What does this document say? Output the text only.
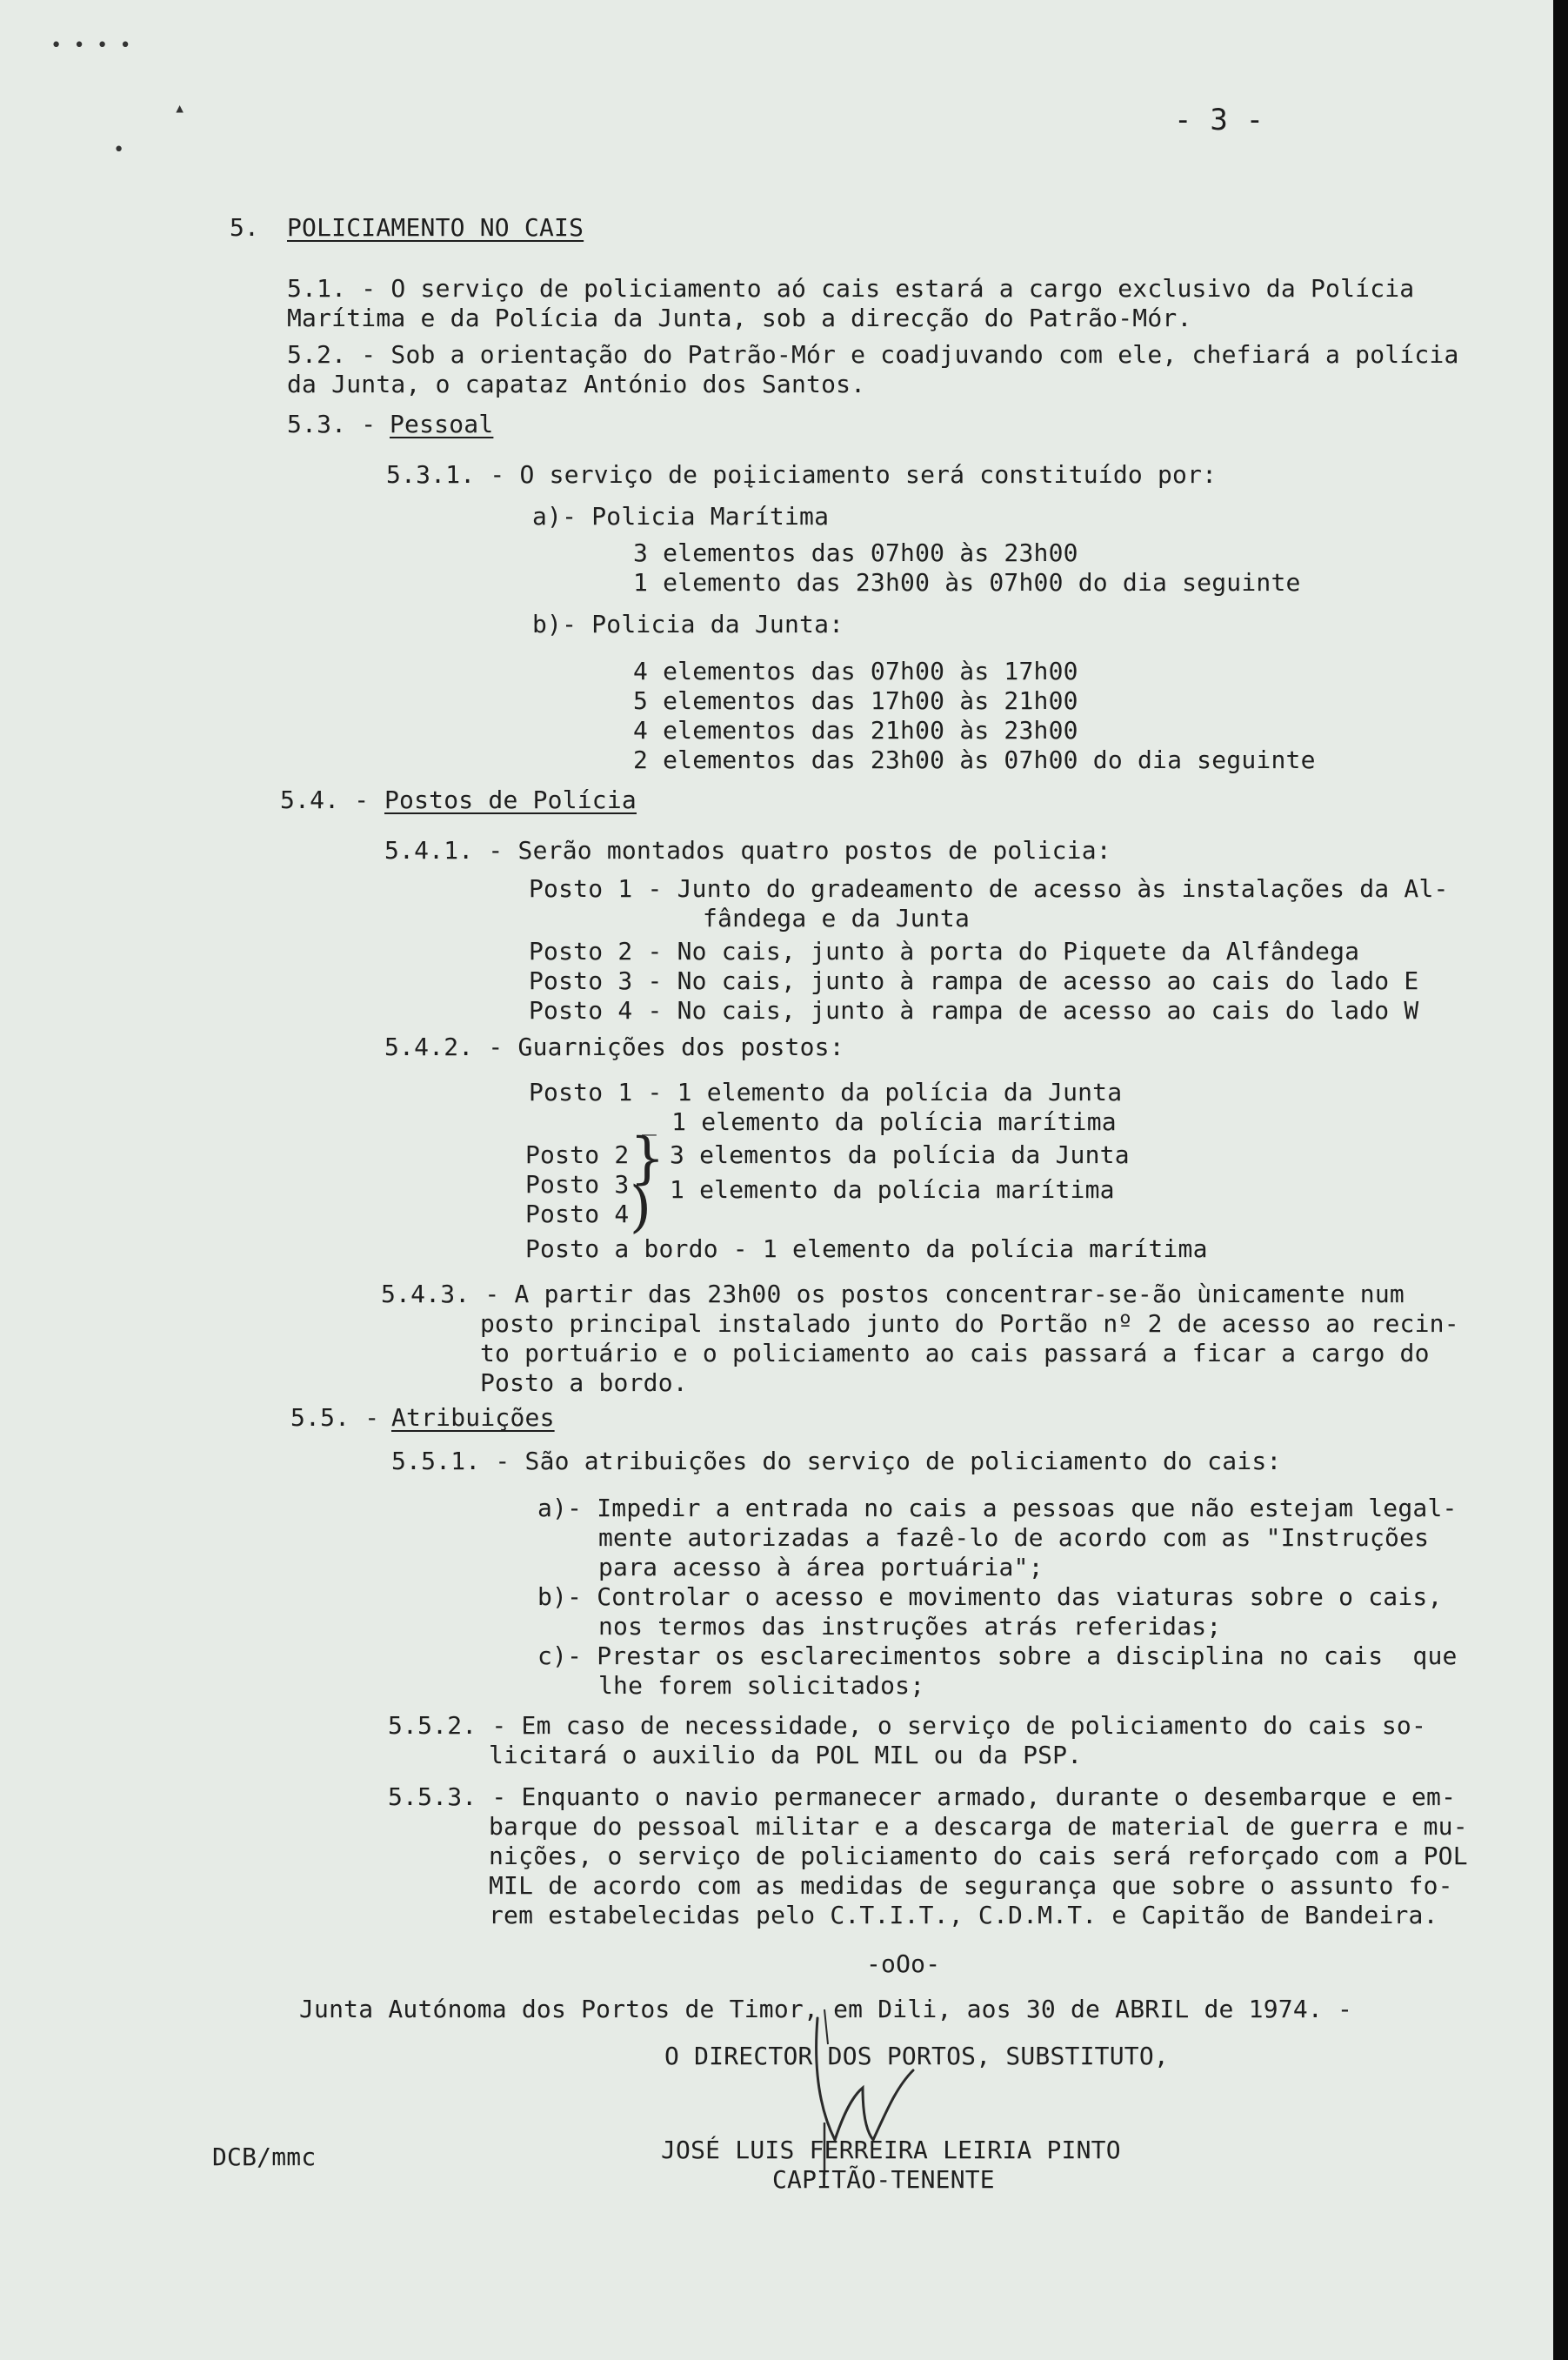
• • • •
▴
•
- 3 -
5. POLICIAMENTO NO CAIS
5.1. - O serviço de policiamento aó cais estará a cargo exclusivo da Polícia
Marítima e da Polícia da Junta, sob a direcção do Patrão-Mór.
5.2. - Sob a orientação do Patrão-Mór e coadjuvando com ele, chefiará a polícia
da Junta, o capataz António dos Santos.
5.3. -
Pessoal
5.3.1. - O serviço de poįiciamento será constituído por:
a)- Policia Marítima
3 elementos das 07h00 às 23h00
1 elemento das 23h00 às 07h00 do dia seguinte
b)- Policia da Junta:
4 elementos das 07h00 às 17h00
5 elementos das 17h00 às 21h00
4 elementos das 21h00 às 23h00
2 elementos das 23h00 às 07h00 do dia seguinte
5.4. - Postos de Polícia
5.4.1. - Serão montados quatro postos de policia:
Posto 1 - Junto do gradeamento de acesso às instalações da Al-
fândega e da Junta
Posto 2 - No cais, junto à porta do Piquete da Alfândega
Posto 3 - No cais, junto à rampa de acesso ao cais do lado E
Posto 4 - No cais, junto à rampa de acesso ao cais do lado W
5.4.2. - Guarnições dos postos:
Posto 1 - 1 elemento da polícia da Junta
_ 1 elemento da polícia marítima
Posto 2
Posto 3
Posto 4
}
)
3 elementos da polícia da Junta
1 elemento da polícia marítima
Posto a bordo - 1 elemento da polícia marítima
5.4.3. - A partir das 23h00 os postos concentrar-se-ão ùnicamente num
posto principal instalado junto do Portão nº 2 de acesso ao recin-
to portuário e o policiamento ao cais passará a ficar a cargo do
Posto a bordo.
5.5. -
Atribuições
5.5.1. - São atribuições do serviço de policiamento do cais:
a)- Impedir a entrada no cais a pessoas que não estejam legal-
mente autorizadas a fazê-lo de acordo com as "Instruções
para acesso à área portuária";
b)- Controlar o acesso e movimento das viaturas sobre o cais,
nos termos das instruções atrás referidas;
c)- Prestar os esclarecimentos sobre a disciplina no cais  que
lhe forem solicitados;
5.5.2. - Em caso de necessidade, o serviço de policiamento do cais so-
licitará o auxilio da POL MIL ou da PSP.
5.5.3. - Enquanto o navio permanecer armado, durante o desembarque e em-
barque do pessoal militar e a descarga de material de guerra e mu-
nições, o serviço de policiamento do cais será reforçado com a POL
MIL de acordo com as medidas de segurança que sobre o assunto fo-
rem estabelecidas pelo C.T.I.T., C.D.M.T. e Capitão de Bandeira.
-oOo-
Junta Autónoma dos Portos de Timor, em Dili, aos 30 de ABRIL de 1974. -
O DIRECTOR DOS PORTOS, SUBSTITUTO,
DCB/mmc	JOSÉ LUIS FERREIRA LEIRIA PINTO
CAPITÃO-TENENTE
